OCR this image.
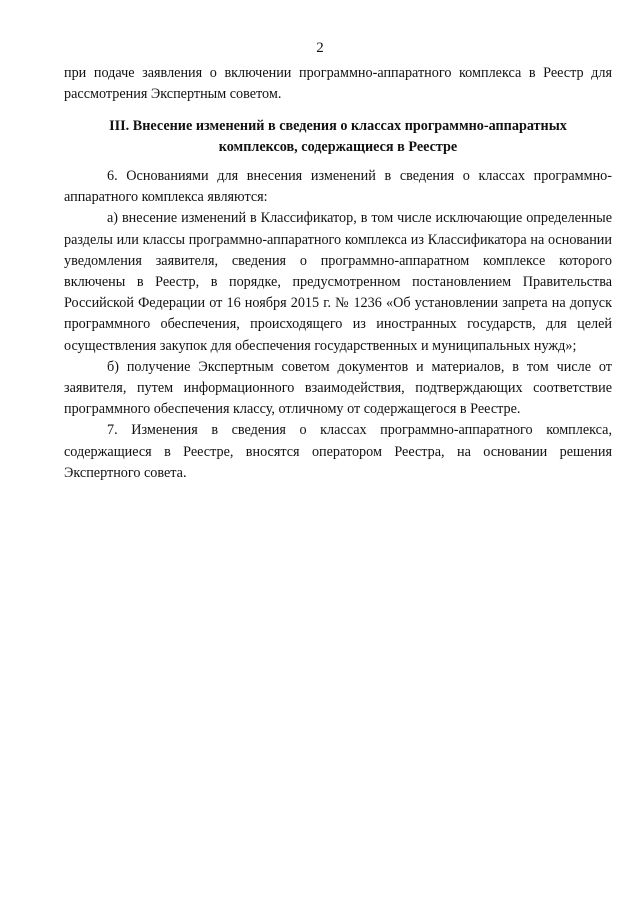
2

при подаче заявления о включении программно-аппаратного комплекса в Реестр для рассмотрения Экспертным советом.

III. Внесение изменений в сведения о классах программно-аппаратных
комплексов, содержащиеся в Реестре

6. Основаниями для внесения изменений в сведения о классах программно-аппаратного комплекса являются:

а) внесение изменений в Классификатор, в том числе исключающие определенные разделы или классы программно-аппаратного комплекса из Классификатора на основании уведомления заявителя, сведения о программно-аппаратном комплексе которого включены в Реестр, в порядке, предусмотренном постановлением Правительства Российской Федерации от 16 ноября 2015 г. № 1236 «Об установлении запрета на допуск программного обеспечения, происходящего из иностранных государств, для целей осуществления закупок для обеспечения государственных и муниципальных нужд»;

б) получение Экспертным советом документов и материалов, в том числе от заявителя, путем информационного взаимодействия, подтверждающих соответствие программного обеспечения классу, отличному от содержащегося в Реестре.

7. Изменения в сведения о классах программно-аппаратного комплекса, содержащиеся в Реестре, вносятся оператором Реестра, на основании решения Экспертного совета.
